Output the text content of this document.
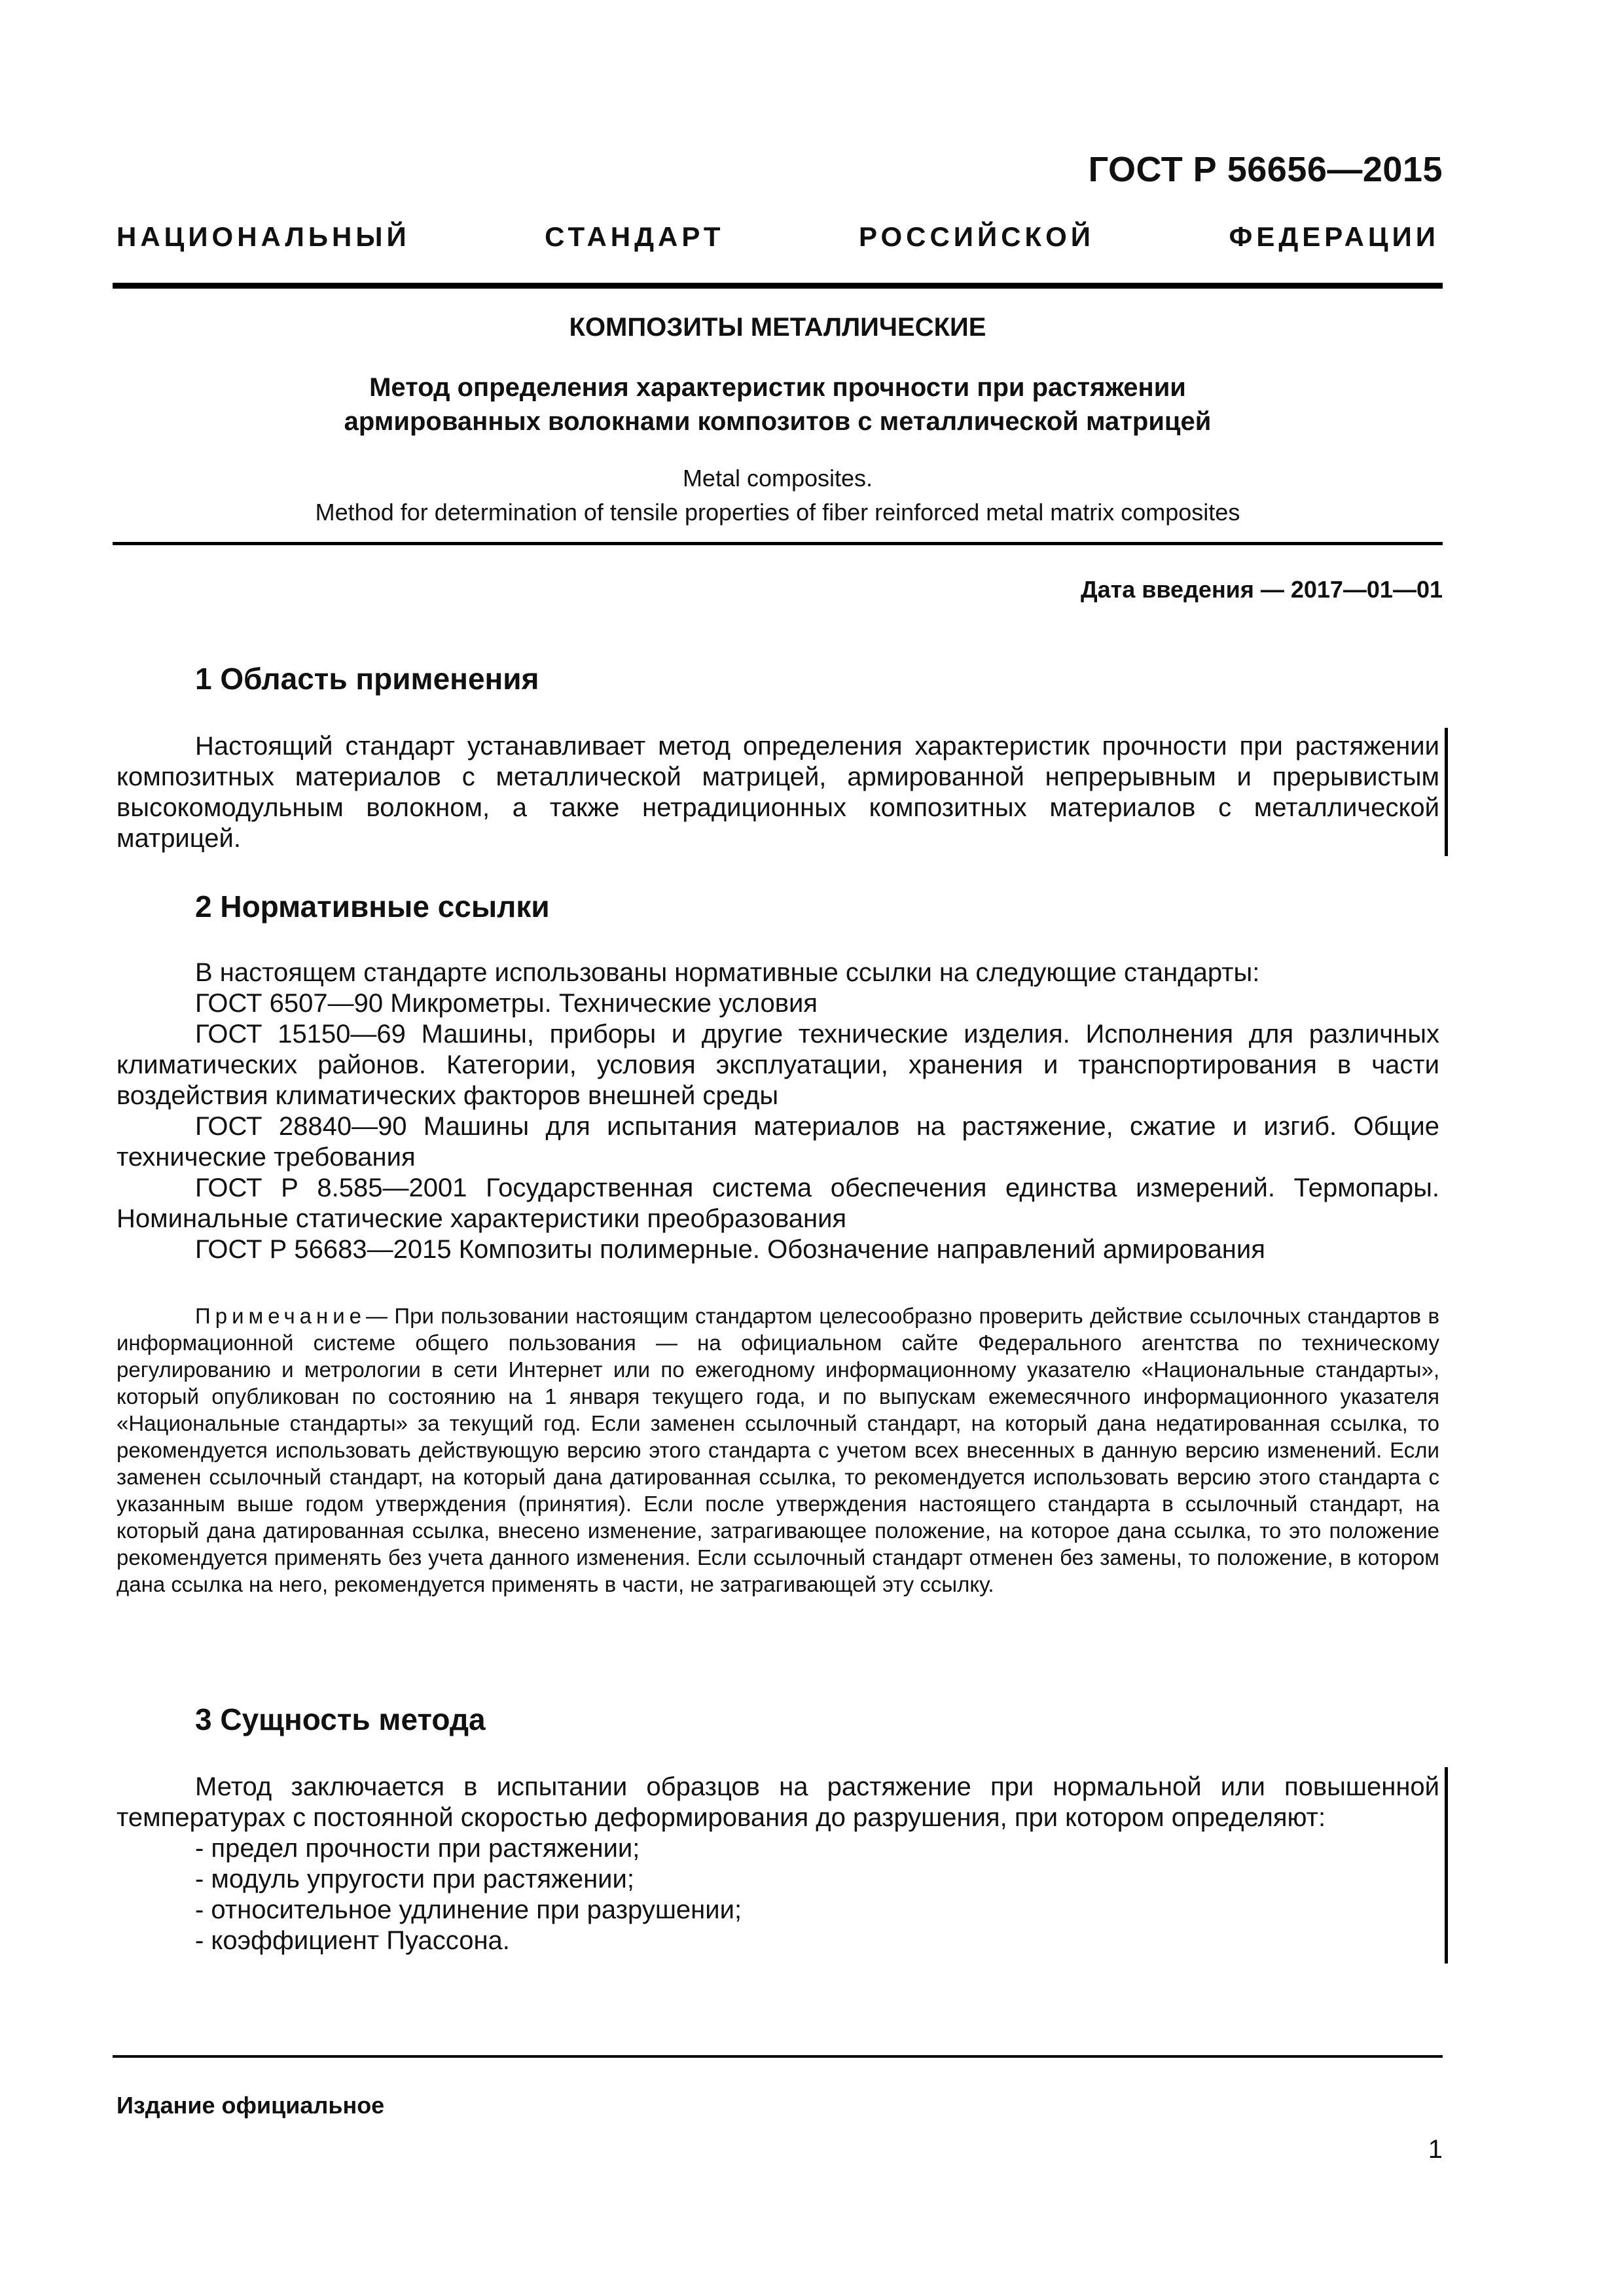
ГОСТ Р 56656—2015
НАЦИОНАЛЬНЫЙ СТАНДАРТ РОССИЙСКОЙ ФЕДЕРАЦИИ
КОМПОЗИТЫ МЕТАЛЛИЧЕСКИЕ
Метод определения характеристик прочности при растяжении
армированных волокнами композитов с металлической матрицей
Metal composites.
Method for determination of tensile properties of fiber reinforced metal matrix composites
Дата введения — 2017—01—01
1 Область применения

Настоящий стандарт устанавливает метод определения характеристик прочности при растяжении композитных материалов с металлической матрицей, армированной непрерывным и прерывистым высокомодульным волокном, а также нетрадиционных композитных материалов с металлической матрицей.

2 Нормативные ссылки

В настоящем стандарте использованы нормативные ссылки на следующие стандарты:

ГОСТ 6507—90 Микрометры. Технические условия

ГОСТ 15150—69 Машины, приборы и другие технические изделия. Исполнения для различных климатических районов. Категории, условия эксплуатации, хранения и транспортирования в части воздействия климатических факторов внешней среды

ГОСТ 28840—90 Машины для испытания материалов на растяжение, сжатие и изгиб. Общие технические требования

ГОСТ Р 8.585—2001 Государственная система обеспечения единства измерений. Термопары. Номинальные статические характеристики преобразования

ГОСТ Р 56683—2015 Композиты полимерные. Обозначение направлений армирования

Примечание— При пользовании настоящим стандартом целесообразно проверить действие ссылочных стандартов в информационной системе общего пользования — на официальном сайте Федерального агентства по техническому регулированию и метрологии в сети Интернет или по ежегодному информационному указателю «Национальные стандарты», который опубликован по состоянию на 1 января текущего года, и по выпускам ежемесячного информационного указателя «Национальные стандарты» за текущий год. Если заменен ссылочный стандарт, на который дана недатированная ссылка, то рекомендуется использовать действующую версию этого стандарта с учетом всех внесенных в данную версию изменений. Если заменен ссылочный стандарт, на который дана датированная ссылка, то рекомендуется использовать версию этого стандарта с указанным выше годом утверждения (принятия). Если после утверждения настоящего стандарта в ссылочный стандарт, на который дана датированная ссылка, внесено изменение, затрагивающее положение, на которое дана ссылка, то это положение рекомендуется применять без учета данного изменения. Если ссылочный стандарт отменен без замены, то положение, в котором дана ссылка на него, рекомендуется применять в части, не затрагивающей эту ссылку.

3 Сущность метода

Метод заключается в испытании образцов на растяжение при нормальной или повышенной температурах с постоянной скоростью деформирования до разрушения, при котором определяют:

- предел прочности при растяжении;

- модуль упругости при растяжении;

- относительное удлинение при разрушении;

- коэффициент Пуассона.

Издание официальное
1
